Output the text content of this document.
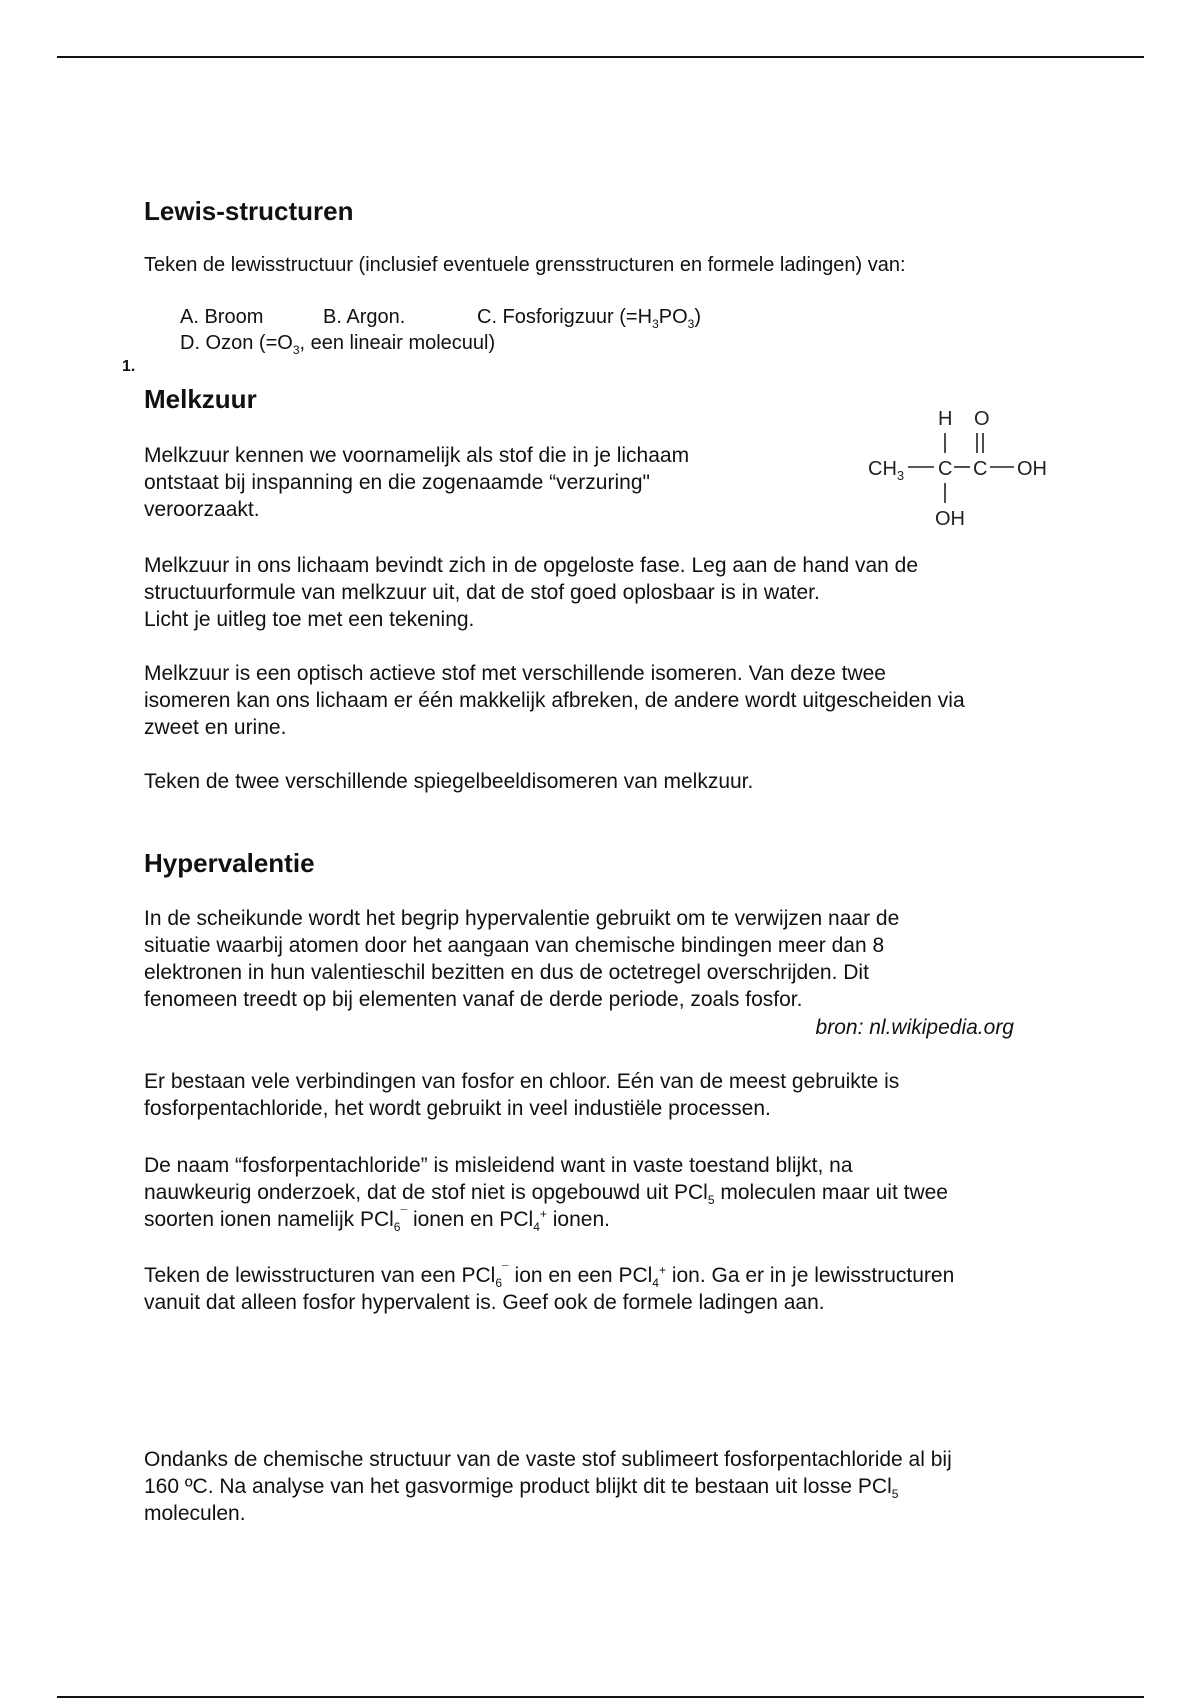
Lewis-structuren

Teken de lewisstructuur (inclusief eventuele grensstructuren en formele ladingen) van:

A. Broom	B. Argon.	C. Fosforigzuur $(=H_3PO_3)$
D. Ozon ($=O_3$, een lineair molecuul)
1.
Melkzuur

Melkzuur kennen we voornamelijk als stof die in je lichaam
ontstaat bij inspanning en die zogenaamde “verzuring"
veroorzaakt.

H O
$CH_3$ C C OH
OH

Melkzuur in ons lichaam bevindt zich in de opgeloste fase. Leg aan de hand van de
structuurformule van melkzuur uit, dat de stof goed oplosbaar is in water.
Licht je uitleg toe met een tekening.

Melkzuur is een optisch actieve stof met verschillende isomeren. Van deze twee
isomeren kan ons lichaam er één makkelijk afbreken, de andere wordt uitgescheiden via
zweet en urine.

Teken de twee verschillende spiegelbeeldisomeren van melkzuur.

Hypervalentie

In de scheikunde wordt het begrip hypervalentie gebruikt om te verwijzen naar de
situatie waarbij atomen door het aangaan van chemische bindingen meer dan 8
elektronen in hun valentieschil bezitten en dus de octetregel overschrijden. Dit
fenomeen treedt op bij elementen vanaf de derde periode, zoals fosfor.

bron: nl.wikipedia.org

Er bestaan vele verbindingen van fosfor en chloor. Eén van de meest gebruikte is
fosforpentachloride, het wordt gebruikt in veel industiële processen.

De naam “fosforpentachloride” is misleidend want in vaste toestand blijkt, na
nauwkeurig onderzoek, dat de stof niet is opgebouwd uit PCl$_5$ moleculen maar uit twee
soorten ionen namelijk PCl$_6$¯ ionen en PCl$_4$+ ionen.

Teken de lewisstructuren van een PCl$_6$¯ ion en een PCl$_4$+ ion. Ga er in je lewisstructuren
vanuit dat alleen fosfor hypervalent is. Geef ook de formele ladingen aan.

Ondanks de chemische structuur van de vaste stof sublimeert fosforpentachloride al bij
160 ºC. Na analyse van het gasvormige product blijkt dit te bestaan uit losse PCl$_5$
moleculen.
